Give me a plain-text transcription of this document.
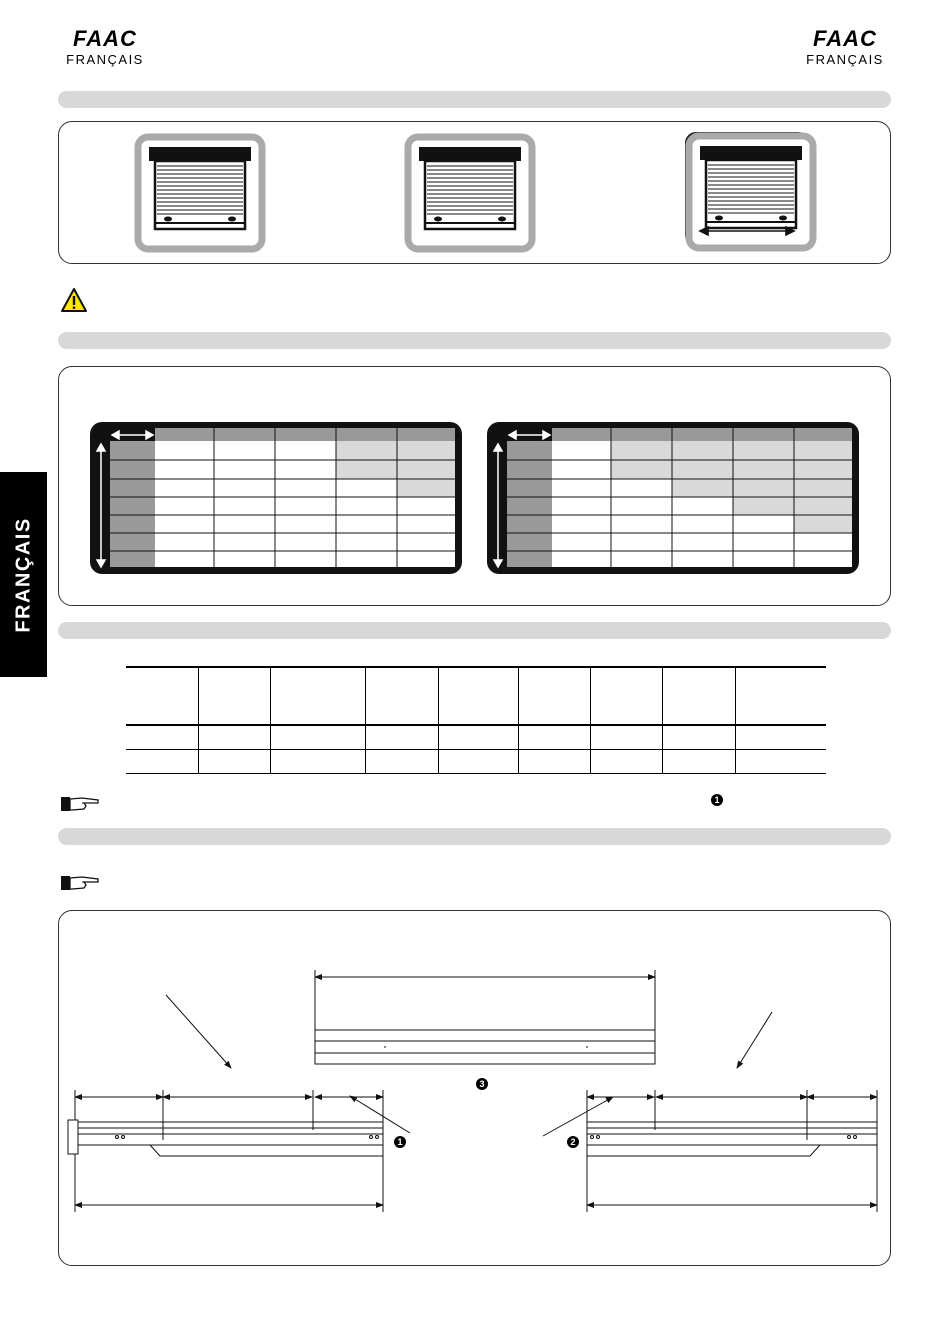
FAAC
FRANÇAIS
FAAC
FRANÇAIS
FRANÇAIS

1
3
1	2
